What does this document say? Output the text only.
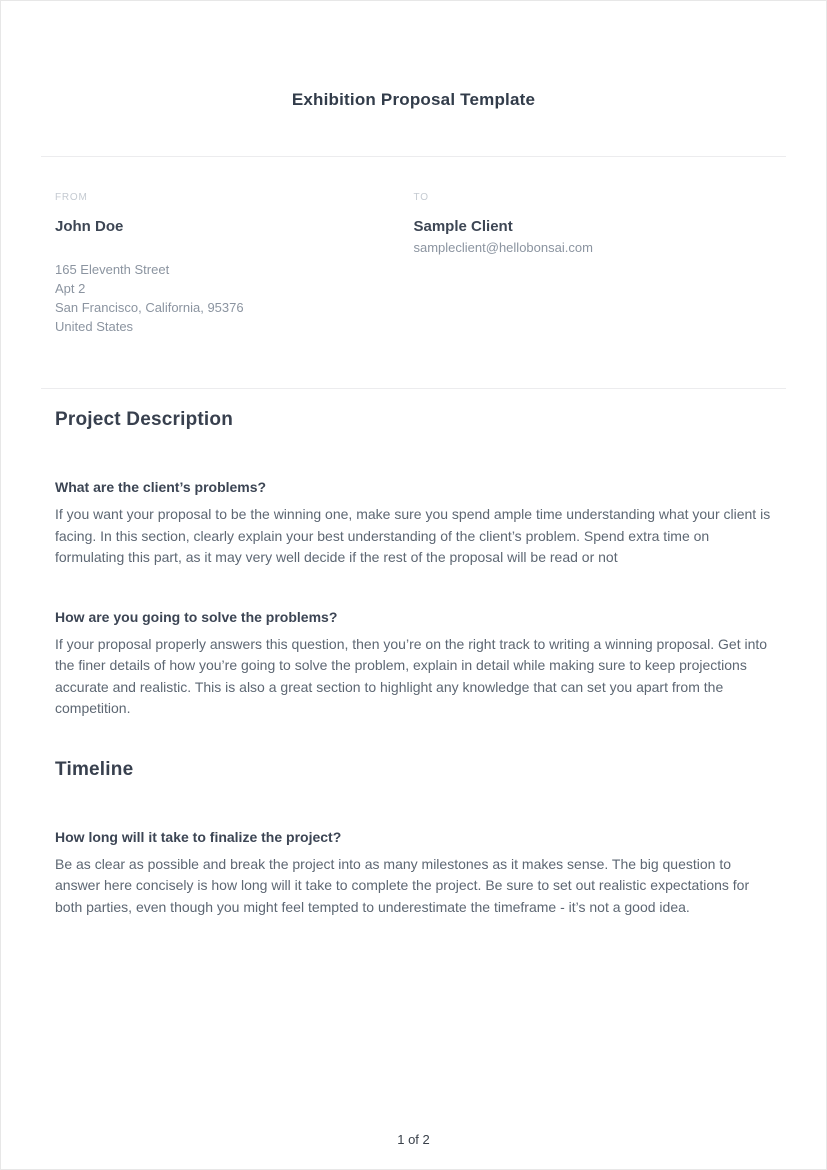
Exhibition Proposal Template
FROM
John Doe
165 Eleventh Street
Apt 2
San Francisco, California, 95376
United States
TO
Sample Client
sampleclient@hellobonsai.com
Project Description
What are the client’s problems?

If you want your proposal to be the winning one, make sure you spend ample time understanding what your client is facing. In this section, clearly explain your best understanding of the client’s problem. Spend extra time on formulating this part, as it may very well decide if the rest of the proposal will be read or not

How are you going to solve the problems?

If your proposal properly answers this question, then you’re on the right track to writing a winning proposal. Get into the finer details of how you’re going to solve the problem, explain in detail while making sure to keep projections accurate and realistic. This is also a great section to highlight any knowledge that can set you apart from the competition.

Timeline
How long will it take to finalize the project?

Be as clear as possible and break the project into as many milestones as it makes sense. The big question to answer here concisely is how long will it take to complete the project. Be sure to set out realistic expectations for both parties, even though you might feel tempted to underestimate the timeframe - it’s not a good idea.

1 of 2
